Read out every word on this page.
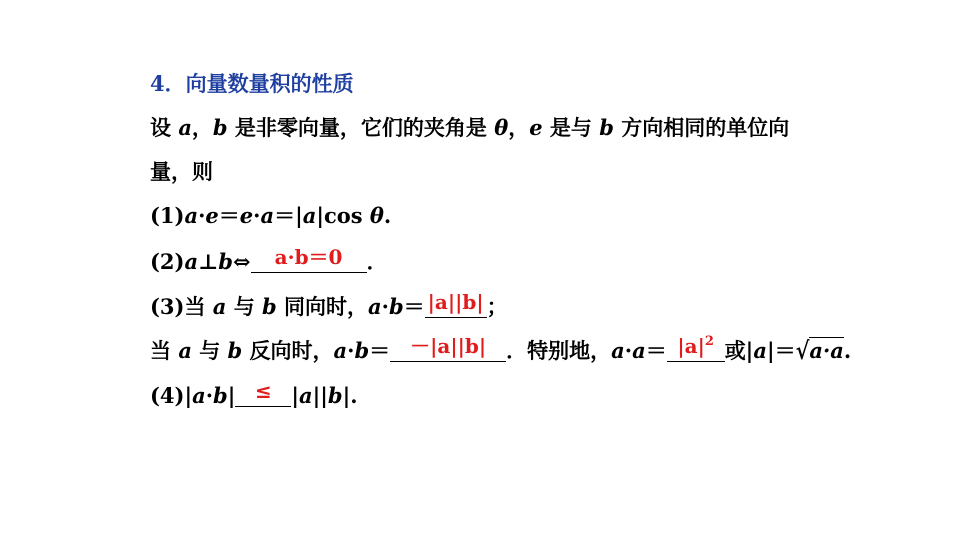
4．向量数量积的性质
设 a，b 是非零向量，它们的夹角是 θ，e 是与 b 方向相同的单位向
量，则
(1)a·e＝e·a＝|a|cos θ.
(2)a⊥b⇔	a·b＝0	．
(3)当 a 与 b 同向时，a·b＝ |a||b| ；
当 a 与 b 反向时，a·b＝ －|a||b| ．特别地，$a\cdot a= |a|^2$ 或|a|＝√a·a.
(4)|a·b| ≤ |a||b|.
